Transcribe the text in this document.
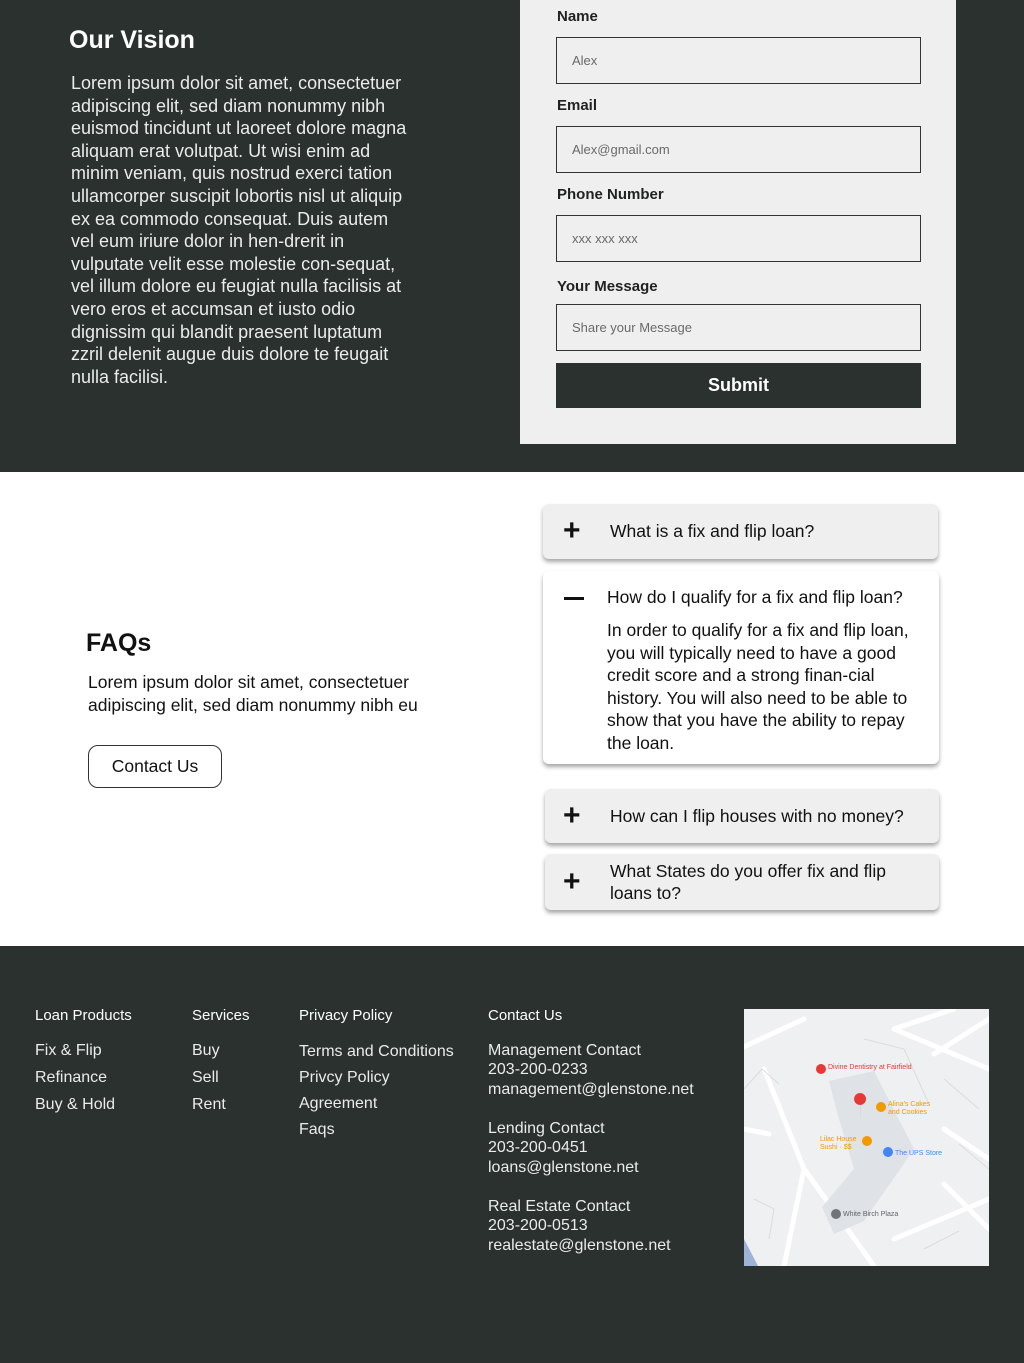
Our Vision

Lorem ipsum dolor sit amet, consectetuer adipiscing elit, sed diam nonummy nibh euismod tincidunt ut laoreet dolore magna aliquam erat volutpat. Ut wisi enim ad minim veniam, quis nostrud exerci tation ullamcorper suscipit lobortis nisl ut aliquip ex ea commodo consequat. Duis autem vel eum iriure dolor in hen-drerit in vulputate velit esse molestie con-sequat, vel illum dolore eu feugiat nulla facilisis at vero eros et accumsan et iusto odio dignissim qui blandit praesent luptatum zzril delenit augue duis dolore te feugait nulla facilisi.

Name
Alex
Email
Alex@gmail.com
Phone Number
xxx xxx xxx
Your Message
Share your Message
Submit
FAQs

Lorem ipsum dolor sit amet, consectetuer adipiscing elit, sed diam nonummy nibh eu

Contact Us
+ What is a fix and flip loan?
How do I qualify for a fix and flip loan?

In order to qualify for a fix and flip loan, you will typically need to have a good credit score and a strong finan-cial history. You will also need to be able to show that you have the ability to repay the loan.

+ How can I flip houses with no money?
+ What States do you offer fix and flip loans to?
Loan Products
Fix & Flip
Refinance
Buy & Hold
Services
Buy
Sell
Rent
Privacy Policy
Terms and Conditions
Privcy Policy
Agreement
Faqs
Contact Us
Management Contact
203-200-0233
management@glenstone.net
Lending Contact
203-200-0451
loans@glenstone.net
Real Estate Contact
203-200-0513
realestate@glenstone.net
Divine Dentistry at Fairfield
Alina's Cakes and Cookies
Lilac House Sushi · $$
The UPS Store
White Birch Plaza
